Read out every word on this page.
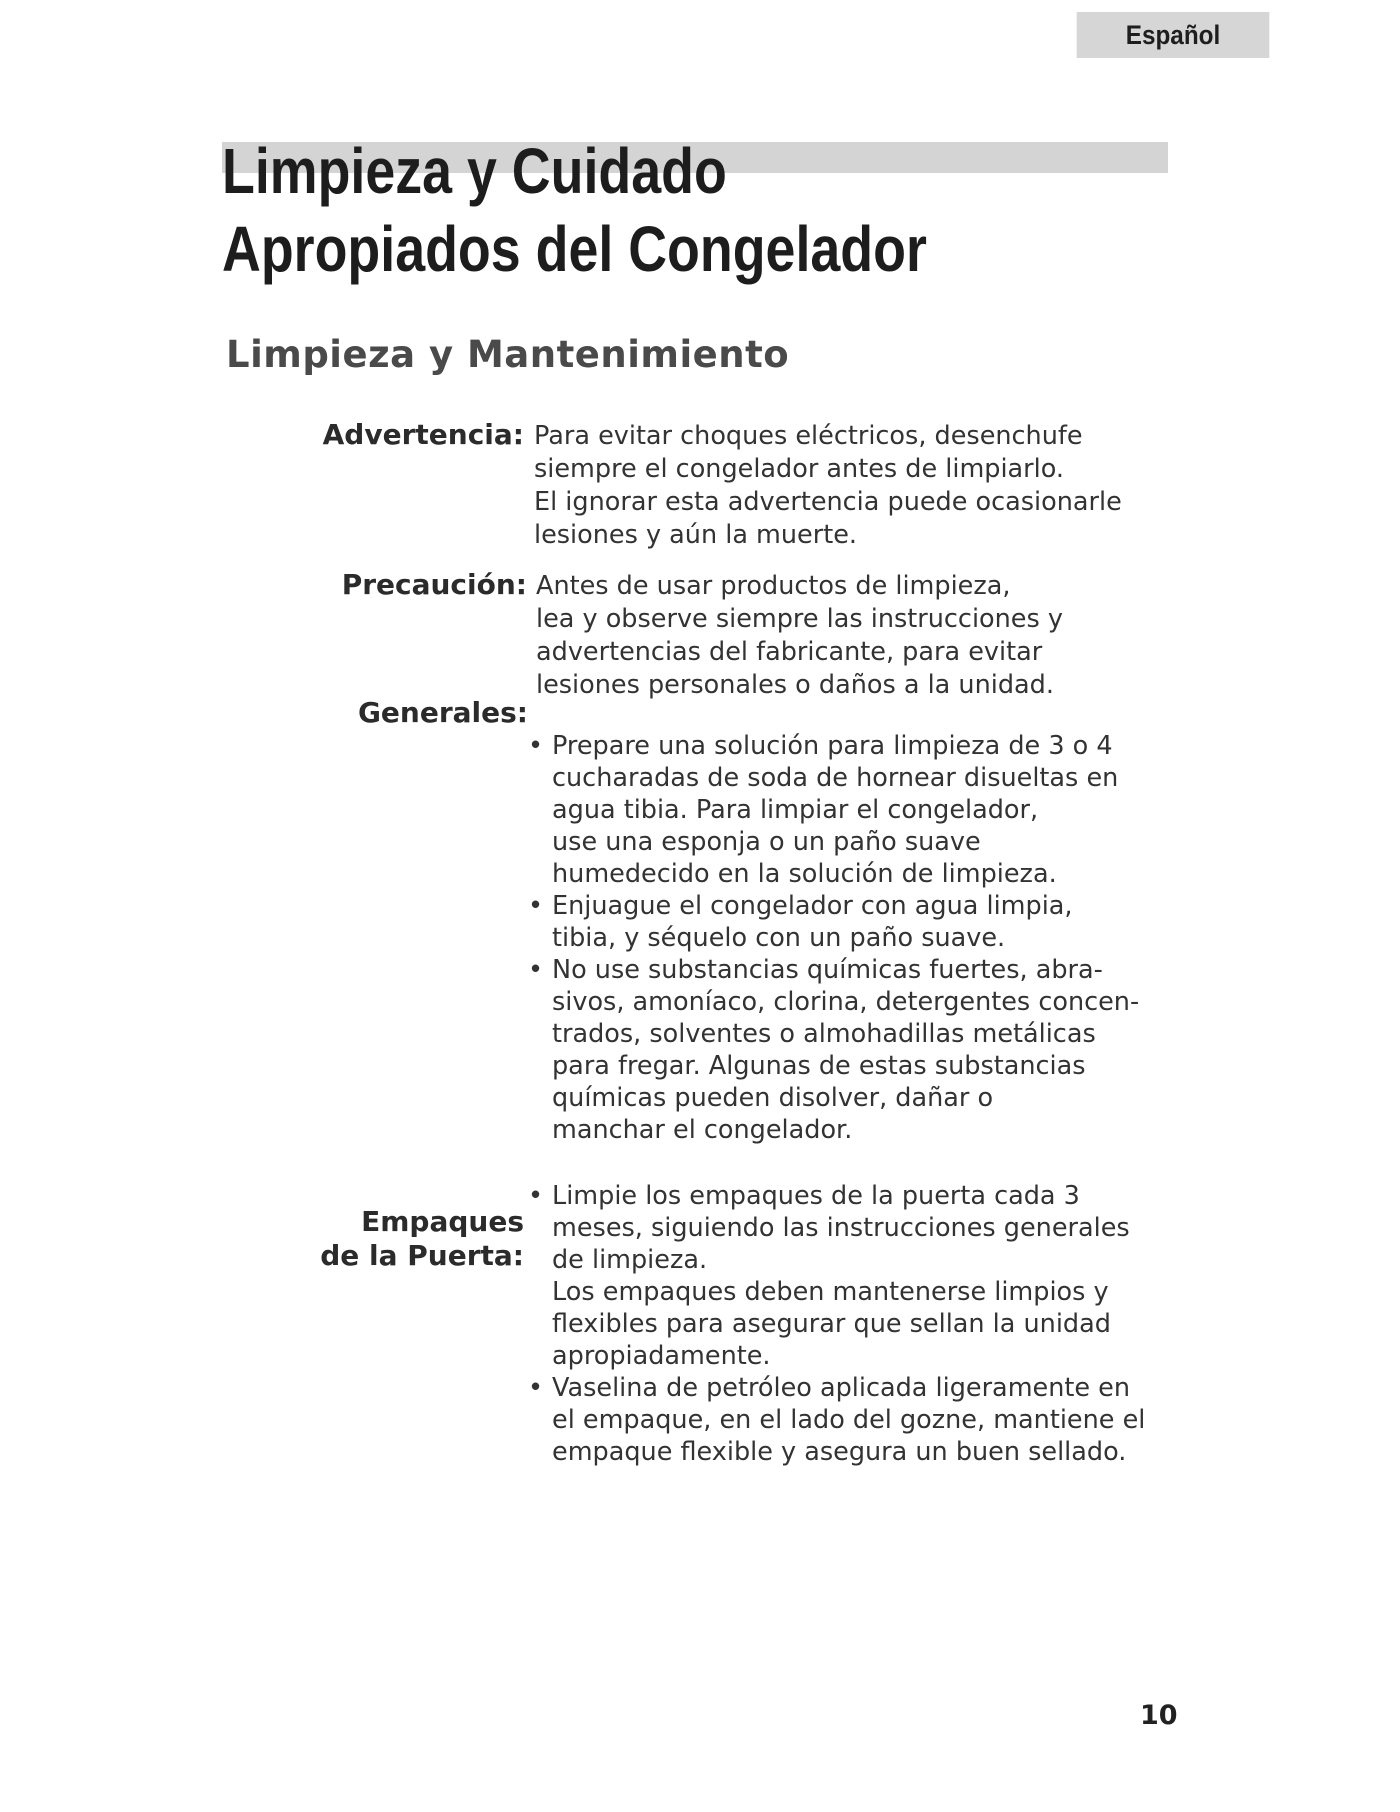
Español
Limpieza y Cuidado
Apropiados del Congelador
Limpieza y Mantenimiento
Advertencia: Para evitar choques eléctricos, desenchufe

siempre el congelador antes de limpiarlo.

El ignorar esta advertencia puede ocasionarle

lesiones y aún la muerte.

Precaución: Antes de usar productos de limpieza,

lea y observe siempre las instrucciones y

advertencias del fabricante, para evitar

lesiones personales o daños a la unidad.

Generales:
• Prepare una solución para limpieza de 3 o 4
cucharadas de soda de hornear disueltas en
agua tibia. Para limpiar el congelador,
use una esponja o un paño suave
humedecido en la solución de limpieza.
• Enjuague el congelador con agua limpia,
tibia, y séquelo con un paño suave.
• No use substancias químicas fuertes, abra-
sivos, amoníaco, clorina, detergentes concen-
trados, solventes o almohadillas metálicas
para fregar. Algunas de estas substancias
químicas pueden disolver, dañar o
manchar el congelador.
Empaques
de la Puerta:
• Limpie los empaques de la puerta cada 3
meses, siguiendo las instrucciones generales
de limpieza.
Los empaques deben mantenerse limpios y
flexibles para asegurar que sellan la unidad
apropiadamente.
• Vaselina de petróleo aplicada ligeramente en
el empaque, en el lado del gozne, mantiene el
empaque flexible y asegura un buen sellado.
10
